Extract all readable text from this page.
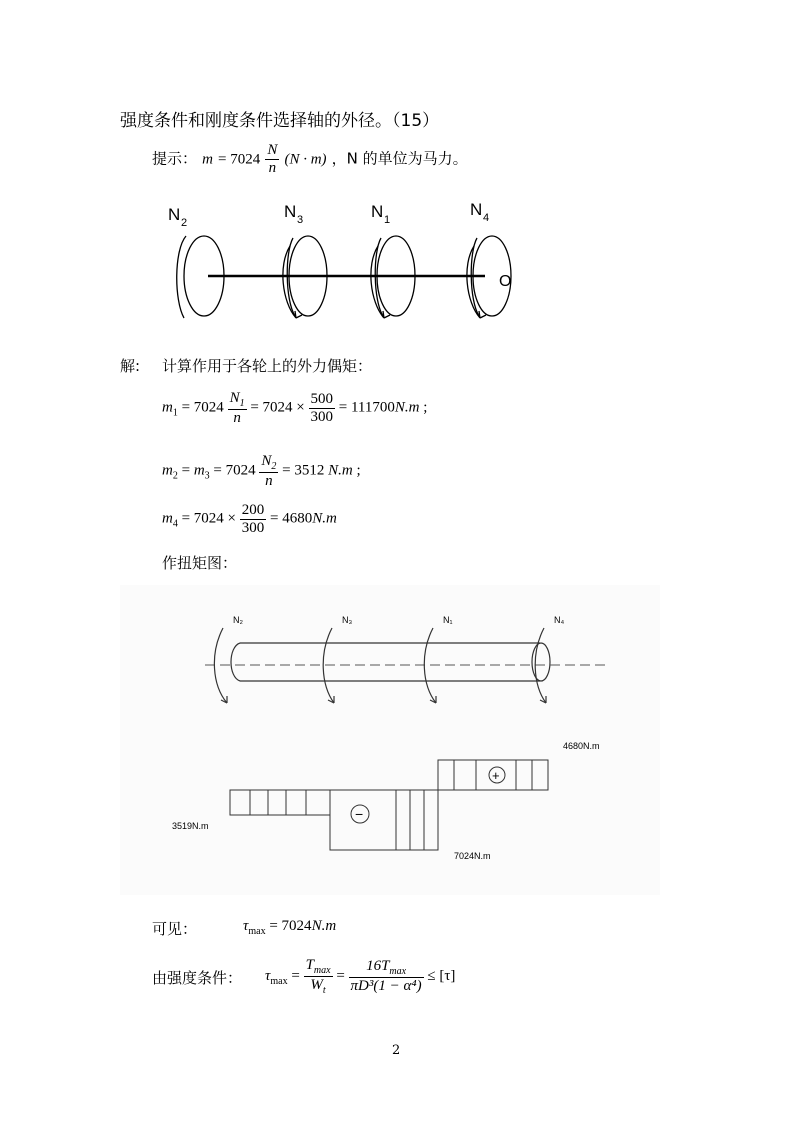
强度条件和刚度条件选择轴的外径。（15）
提示： $m = 7024 \frac{N}{n} (N \cdot m)$ ，N 的单位为马力。
N 2
N 3	N 1
N 4
O
解: 计算作用于各轮上的外力偶矩：
$m_1 = 7024 \frac{N_1}{n} = 7024 \times \frac{500}{300} = 111700N.m$ ;
$m_2 = m_3 = 7024 \frac{N_2}{n} = 3512$ N.m ;
$m_4 = 7024 \times \frac{200}{300} = 4680N.m$
作扭矩图：
N₂	N₃	N₁	N₄
−
+
4680N.m
3519N.m
7024N.m
可见：	$\tau_{max} = 7024N.m$
由强度条件： $\tau_{max} = \frac{T_{max}}{W_t} = \frac{16T_{max}}{\text{πD³(1 − α⁴)}} \le [\tau]$
2
